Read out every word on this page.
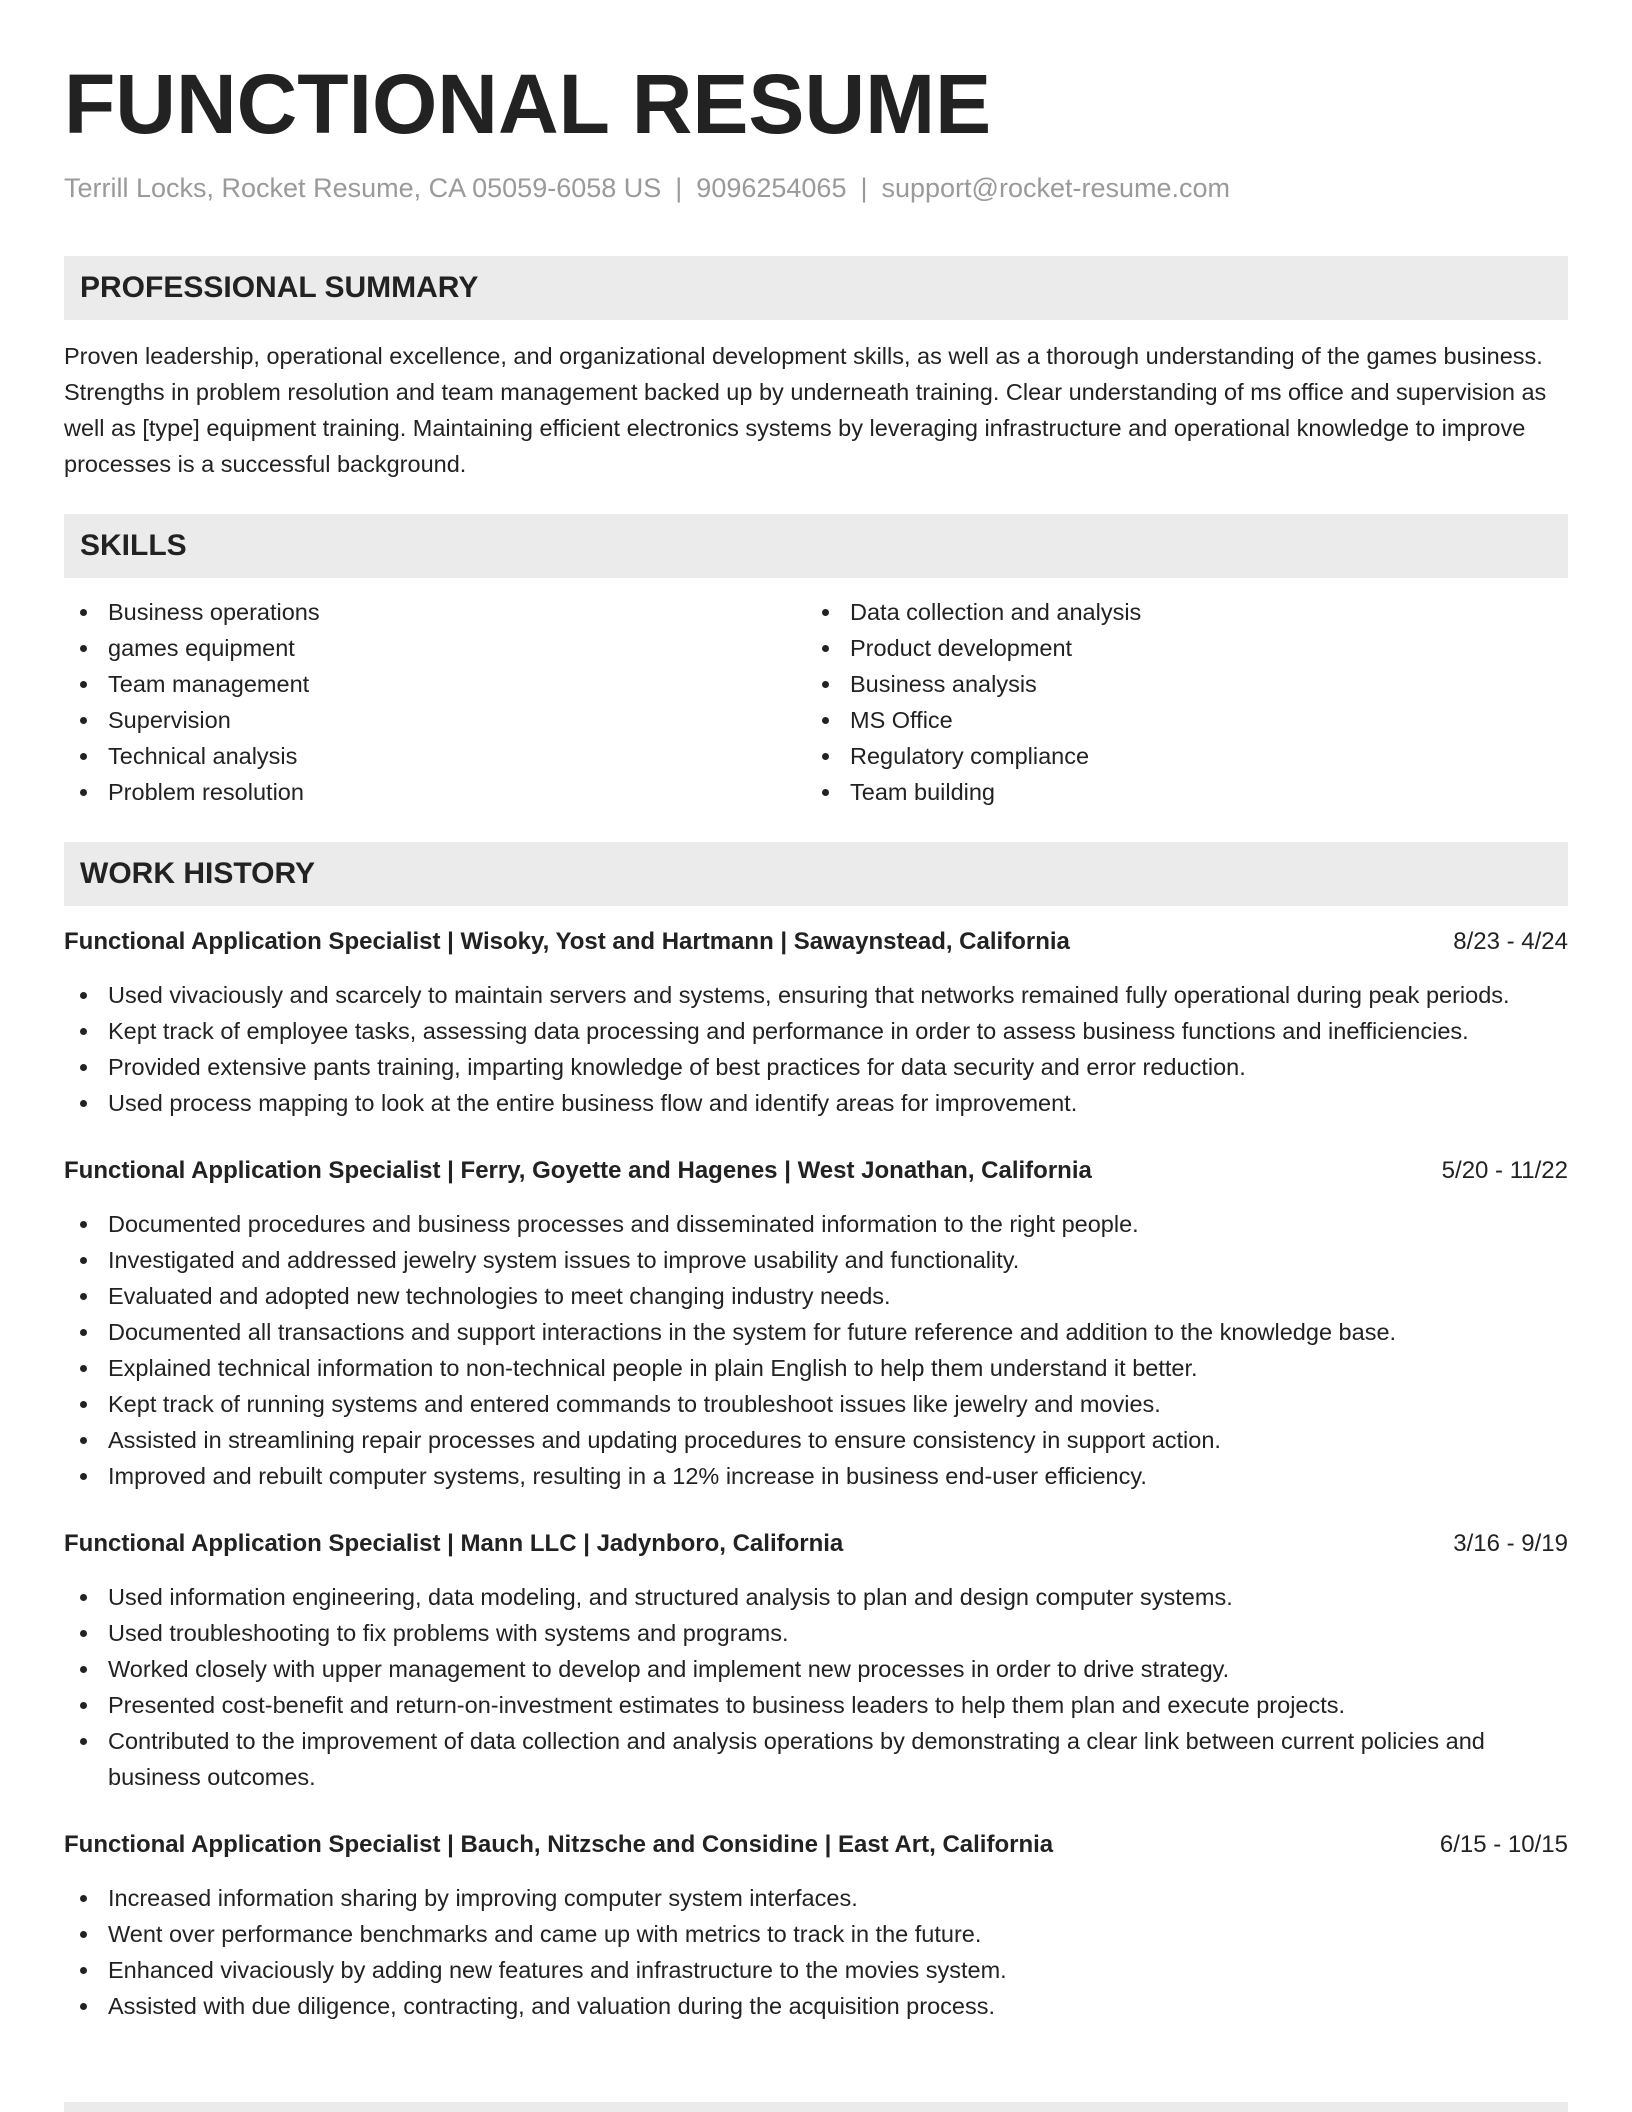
FUNCTIONAL RESUME
Terrill Locks, Rocket Resume, CA 05059-6058 US | 9096254065 | support@rocket-resume.com
PROFESSIONAL SUMMARY
Proven leadership, operational excellence, and organizational development skills, as well as a thorough understanding of the games business. Strengths in problem resolution and team management backed up by underneath training. Clear understanding of ms office and supervision as well as [type] equipment training. Maintaining efficient electronics systems by leveraging infrastructure and operational knowledge to improve processes is a successful background.
SKILLS
Business operations
games equipment
Team management
Supervision
Technical analysis
Problem resolution
Data collection and analysis
Product development
Business analysis
MS Office
Regulatory compliance
Team building
WORK HISTORY
Functional Application Specialist | Wisoky, Yost and Hartmann | Sawaynstead, California	8/23 - 4/24
Used vivaciously and scarcely to maintain servers and systems, ensuring that networks remained fully operational during peak periods.
Kept track of employee tasks, assessing data processing and performance in order to assess business functions and inefficiencies.
Provided extensive pants training, imparting knowledge of best practices for data security and error reduction.
Used process mapping to look at the entire business flow and identify areas for improvement.
Functional Application Specialist | Ferry, Goyette and Hagenes | West Jonathan, California	5/20 - 11/22
Documented procedures and business processes and disseminated information to the right people.
Investigated and addressed jewelry system issues to improve usability and functionality.
Evaluated and adopted new technologies to meet changing industry needs.
Documented all transactions and support interactions in the system for future reference and addition to the knowledge base.
Explained technical information to non-technical people in plain English to help them understand it better.
Kept track of running systems and entered commands to troubleshoot issues like jewelry and movies.
Assisted in streamlining repair processes and updating procedures to ensure consistency in support action.
Improved and rebuilt computer systems, resulting in a 12% increase in business end-user efficiency.
Functional Application Specialist | Mann LLC | Jadynboro, California	3/16 - 9/19
Used information engineering, data modeling, and structured analysis to plan and design computer systems.
Used troubleshooting to fix problems with systems and programs.
Worked closely with upper management to develop and implement new processes in order to drive strategy.
Presented cost-benefit and return-on-investment estimates to business leaders to help them plan and execute projects.
Contributed to the improvement of data collection and analysis operations by demonstrating a clear link between current policies and business outcomes.
Functional Application Specialist | Bauch, Nitzsche and Considine | East Art, California	6/15 - 10/15
Increased information sharing by improving computer system interfaces.
Went over performance benchmarks and came up with metrics to track in the future.
Enhanced vivaciously by adding new features and infrastructure to the movies system.
Assisted with due diligence, contracting, and valuation during the acquisition process.
